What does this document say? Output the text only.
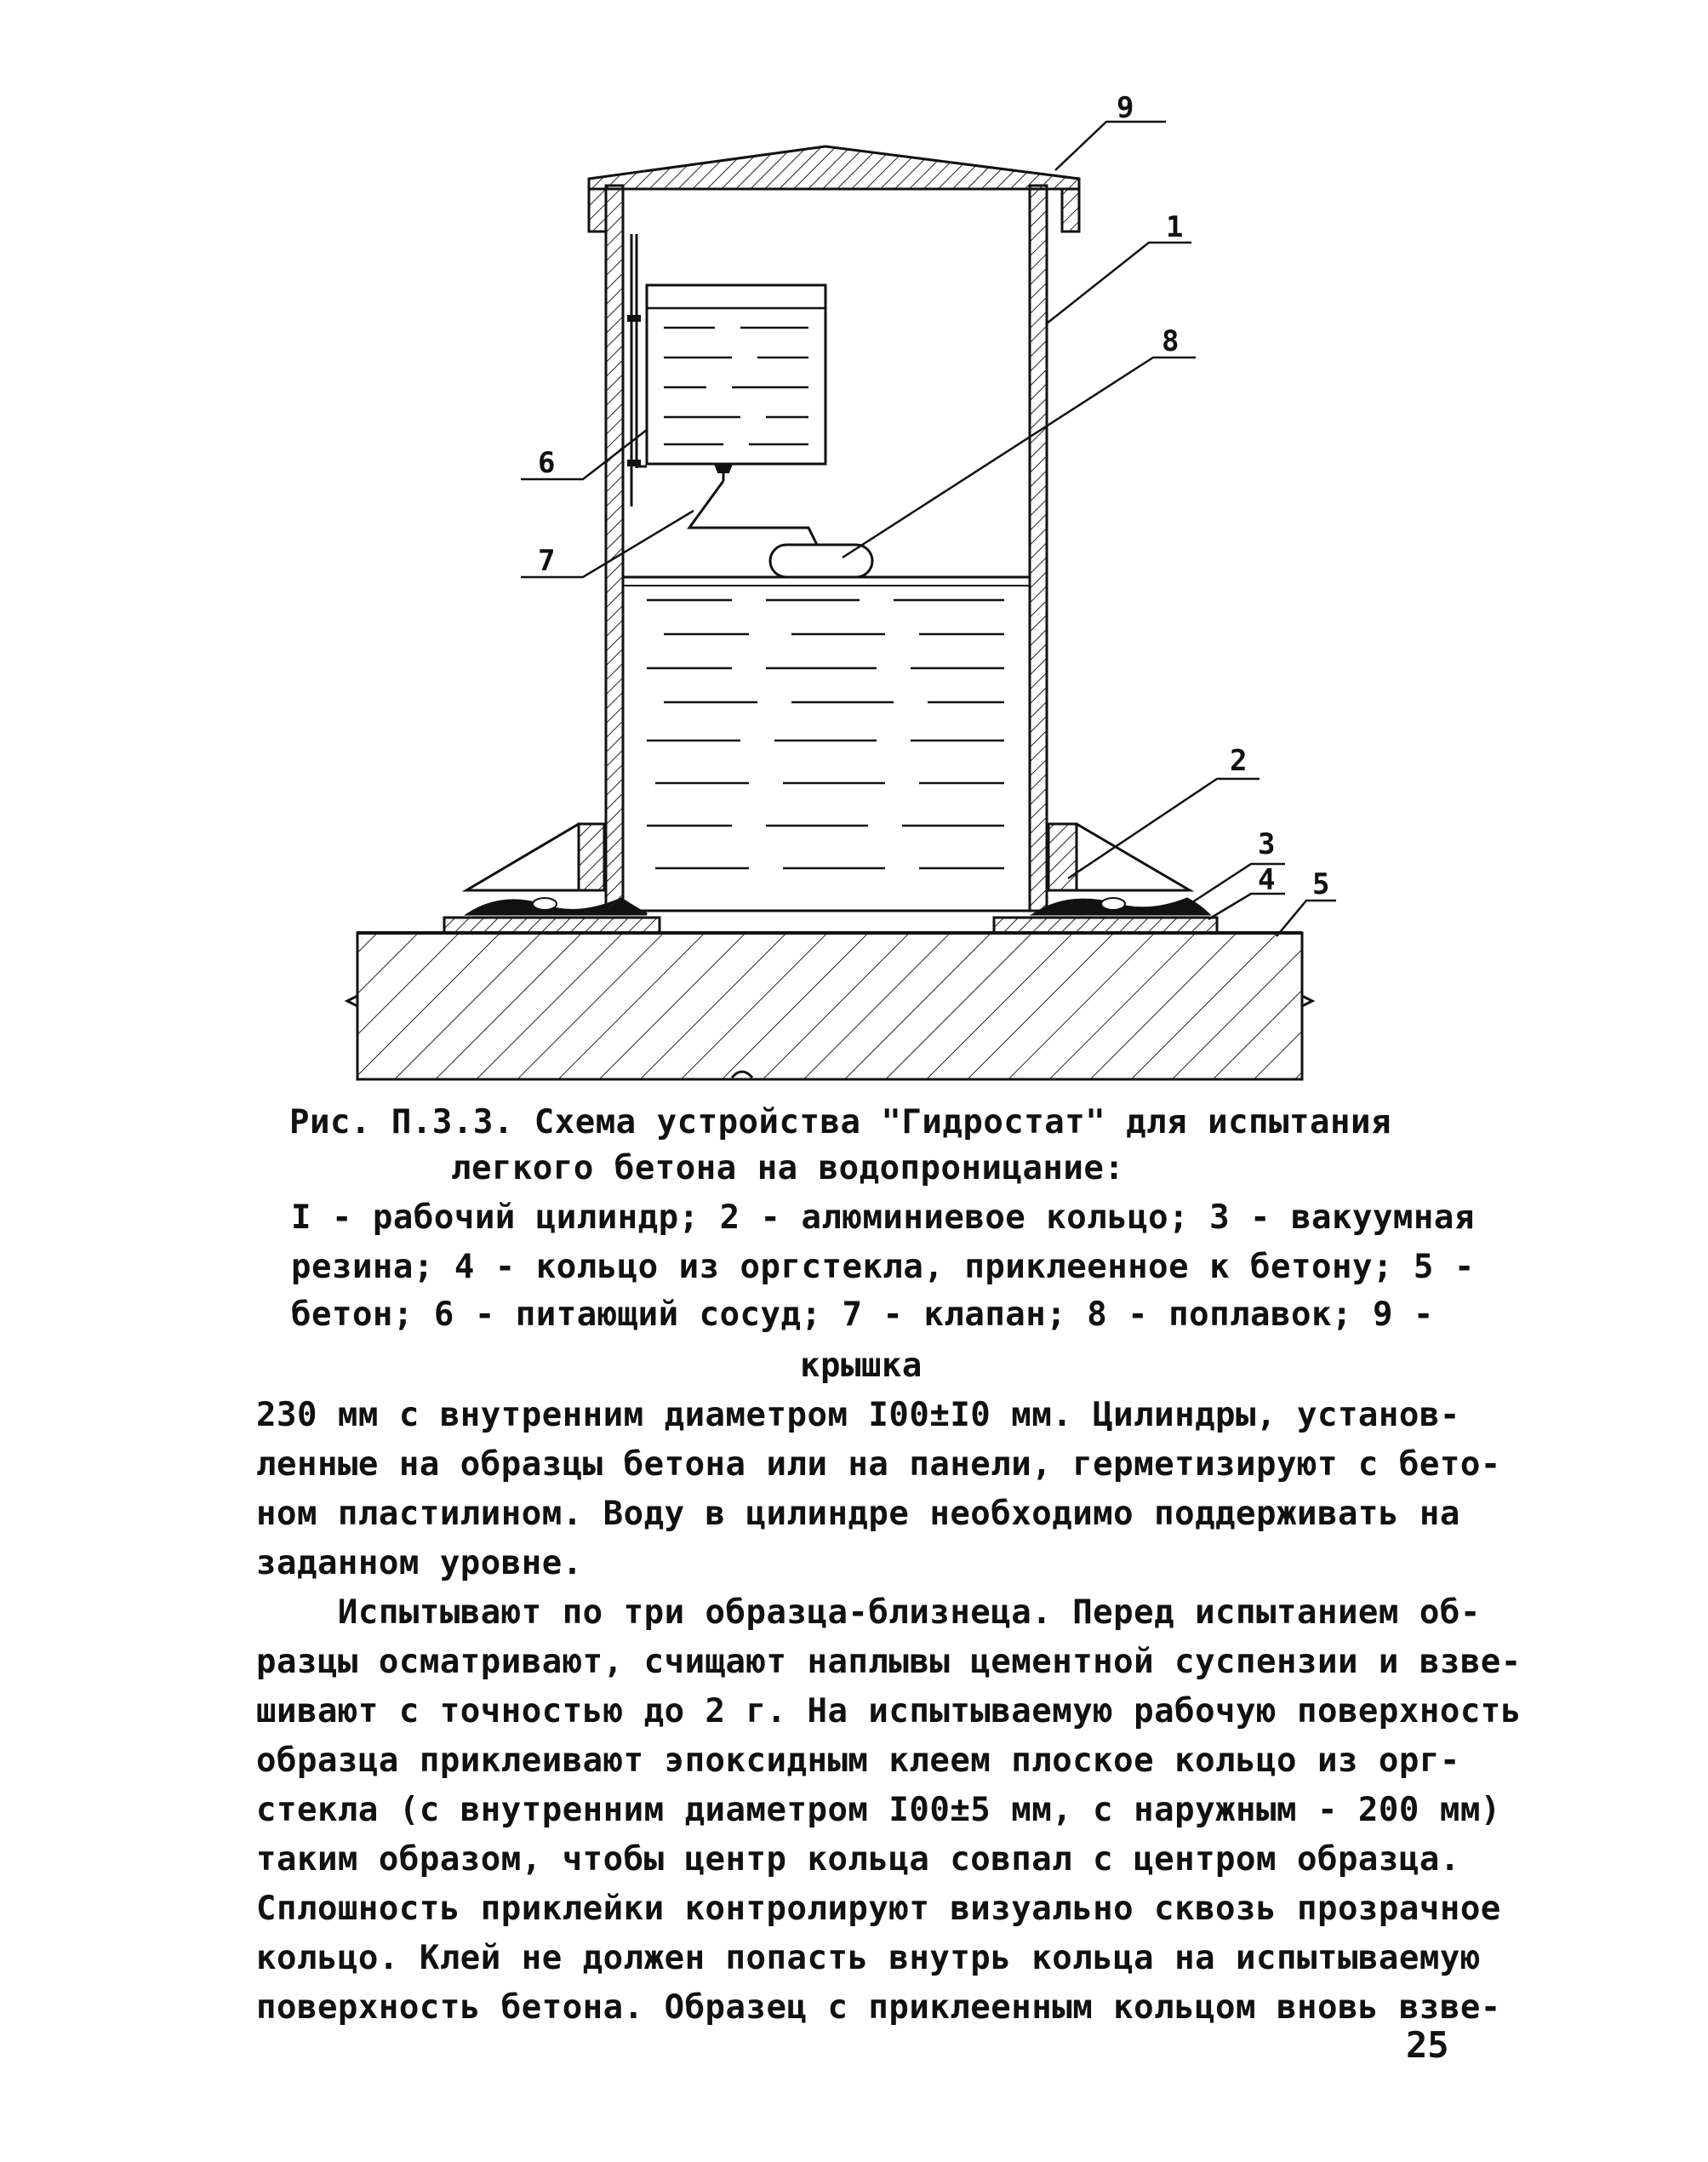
9
1
8
6
7
2
3
4 5
Рис. П.3.3. Схема устройства "Гидростат" для испытания
легкого бетона на водопроницание:
I - рабочий цилиндр; 2 - алюминиевое кольцо; 3 - вакуумная
резина; 4 - кольцо из оргстекла, приклеенное к бетону; 5 -
бетон; 6 - питающий сосуд; 7 - клапан; 8 - поплавок; 9 -
крышка
230 мм с внутренним диаметром I00±I0 мм. Цилиндры, установ-
ленные на образцы бетона или на панели, герметизируют с бето-
ном пластилином. Воду в цилиндре необходимо поддерживать на
заданном уровне.
Испытывают по три образца-близнеца. Перед испытанием об-
разцы осматривают, счищают наплывы цементной суспензии и взве-
шивают с точностью до 2 г. На испытываемую рабочую поверхность
образца приклеивают эпоксидным клеем плоское кольцо из орг-
стекла (с внутренним диаметром I00±5 мм, с наружным - 200 мм)
таким образом, чтобы центр кольца совпал с центром образца.
Сплошность приклейки контролируют визуально сквозь прозрачное
кольцо. Клей не должен попасть внутрь кольца на испытываемую
поверхность бетона. Образец с приклеенным кольцом вновь взве-
25
